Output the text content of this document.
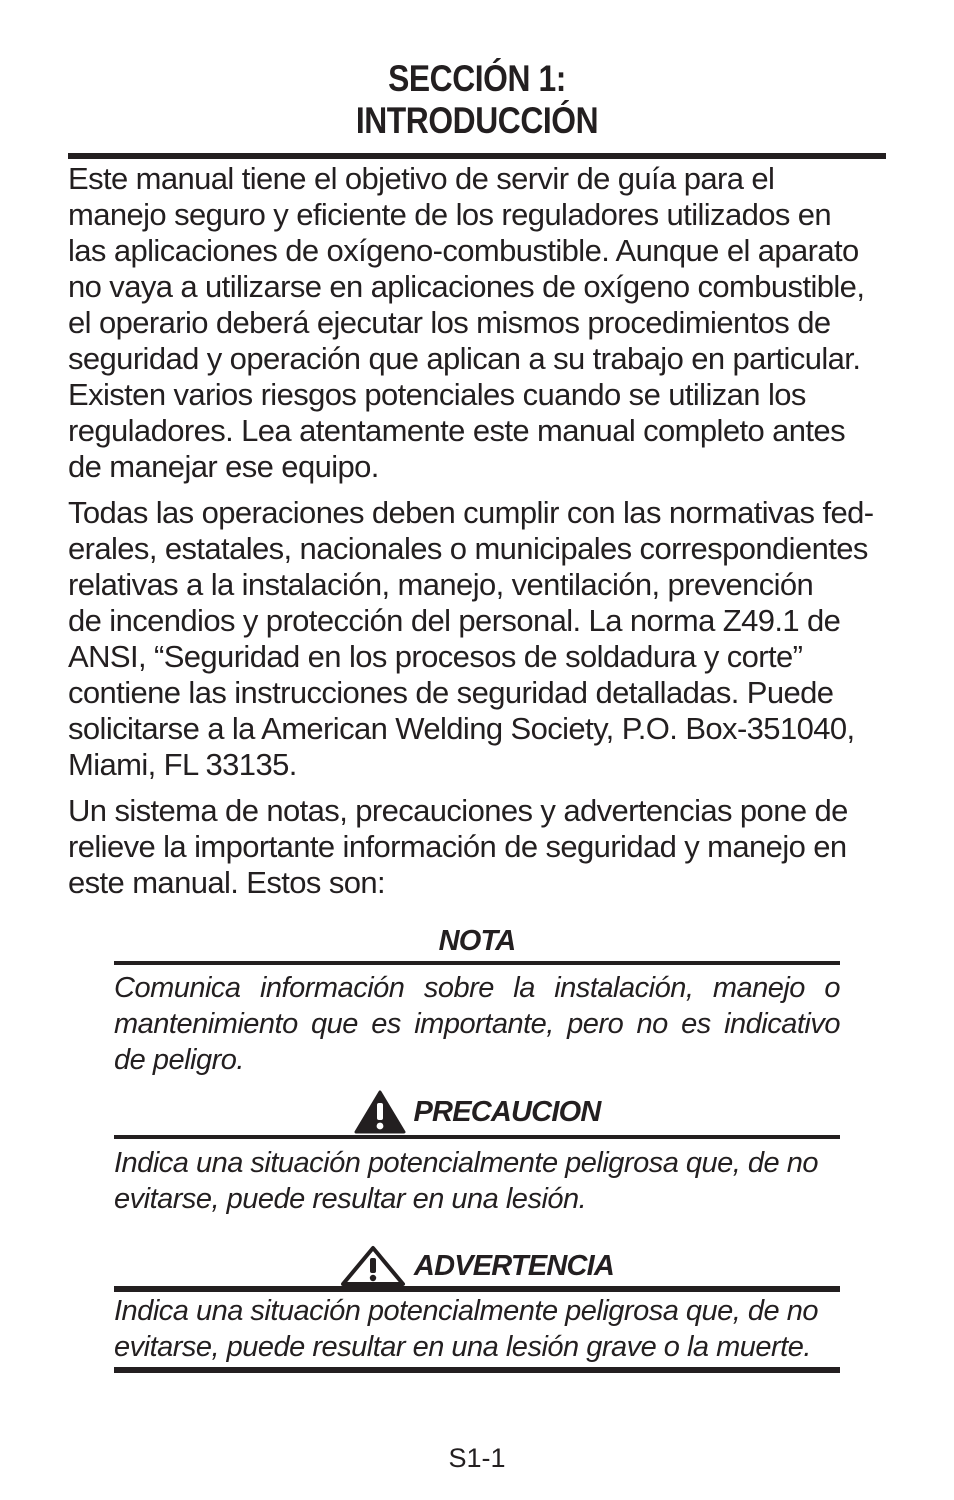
SECCIÓN 1:
INTRODUCCIÓN

Este manual tiene el objetivo de servir de guía para el

manejo seguro y eficiente de los reguladores utilizados en

las aplicaciones de oxígeno-combustible. Aunque el aparato

no vaya a utilizarse en aplicaciones de oxígeno combustible,

el operario deberá ejecutar los mismos procedimientos de

seguridad y operación que aplican a su trabajo en particular.

Existen varios riesgos potenciales cuando se utilizan los

reguladores. Lea atentamente este manual completo antes

de manejar ese equipo.

Todas las operaciones deben cumplir con las normativas fed-

erales, estatales, nacionales o municipales correspondientes

relativas a la instalación, manejo, ventilación, prevención

de incendios y protección del personal. La norma Z49.1 de

ANSI, “Seguridad en los procesos de soldadura y corte”

contiene las instrucciones de seguridad detalladas. Puede

solicitarse a la American Welding Society, P.O. Box-351040,

Miami, FL 33135.

Un sistema de notas, precauciones y advertencias pone de

relieve la importante información de seguridad y manejo en

este manual. Estos son:

NOTA

Comunica información sobre la instalación, manejo o

mantenimiento que es importante, pero no es indicativo

de peligro.

PRECAUCION

Indica una situación potencialmente peligrosa que, de no

evitarse, puede resultar en una lesión.

ADVERTENCIA

Indica una situación potencialmente peligrosa que, de no

evitarse, puede resultar en una lesión grave o la muerte.

S1-1
